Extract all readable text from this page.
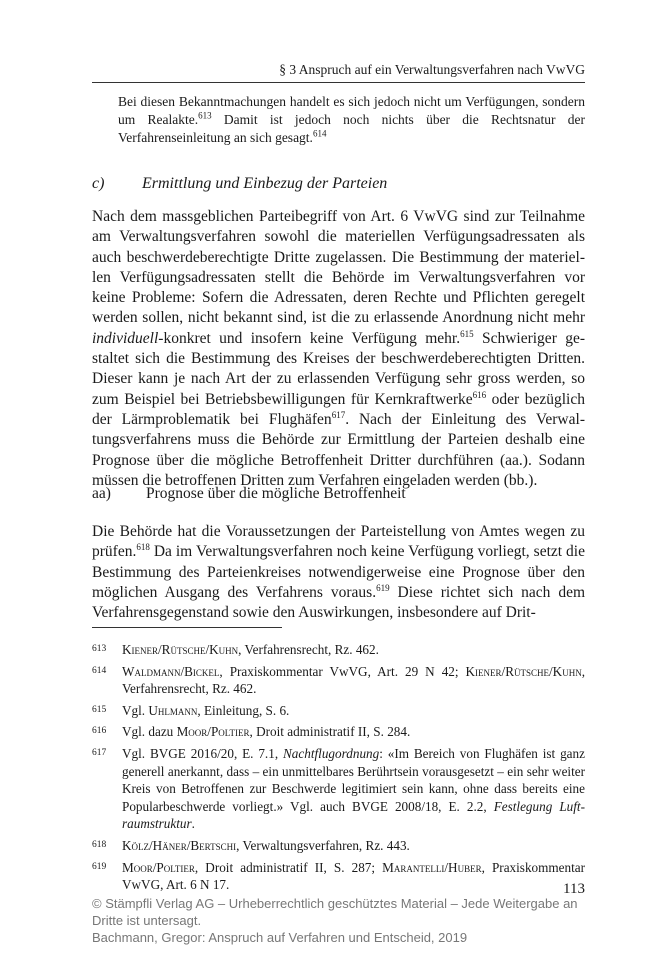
§ 3 Anspruch auf ein Verwaltungsverfahren nach VwVG
Bei diesen Bekanntmachungen handelt es sich jedoch nicht um Verfügungen, sondern um Realakte.$^{613}$ Damit ist jedoch noch nichts über die Rechtsnatur der Verfahrenseinleitung an sich gesagt.$^{614}$
c) Ermittlung und Einbezug der Parteien
Nach dem massgeblichen Parteibegriff von Art. 6 VwVG sind zur Teilnahme am Verwaltungsverfahren sowohl die materiellen Verfügungsadressaten als auch beschwerdeberechtigte Dritte zugelassen. Die Bestimmung der materiellen Verfügungsadressaten stellt die Behörde im Verwaltungsverfahren vor keine Probleme: Sofern die Adressaten, deren Rechte und Pflichten geregelt werden sollen, nicht bekannt sind, ist die zu erlassende Anordnung nicht mehr individuell-konkret und insofern keine Verfügung mehr.$^{615}$ Schwieriger gestaltet sich die Bestimmung des Kreises der beschwerdeberechtigten Dritten. Dieser kann je nach Art der zu erlassenden Verfügung sehr gross werden, so zum Beispiel bei Betriebsbewilligungen für Kernkraftwerke$^{616}$ oder bezüglich der Lärmproblematik bei Flughäfen$^{617}$. Nach der Einleitung des Verwaltungsverfahrens muss die Behörde zur Ermittlung der Parteien deshalb eine Prognose über die mögliche Betroffenheit Dritter durchführen (aa.). Sodann müssen die betroffenen Dritten zum Verfahren eingeladen werden (bb.).
aa) Prognose über die mögliche Betroffenheit
Die Behörde hat die Voraussetzungen der Parteistellung von Amtes wegen zu prüfen.$^{618}$ Da im Verwaltungsverfahren noch keine Verfügung vorliegt, setzt die Bestimmung des Parteienkreises notwendigerweise eine Prognose über den möglichen Ausgang des Verfahrens voraus.$^{619}$ Diese richtet sich nach dem Verfahrensgegenstand sowie den Auswirkungen, insbesondere auf Drit-
613	Kiener/Rütsche/Kuhn, Verfahrensrecht, Rz. 462.
614	Waldmann/Bickel, Praxiskommentar VwVG, Art. 29 N 42; Kiener/Rütsche/Kuhn, Verfahrensrecht, Rz. 462.
615	Vgl. Uhlmann, Einleitung, S. 6.
616	Vgl. dazu Moor/Poltier, Droit administratif II, S. 284.
617	Vgl. BVGE 2016/20, E. 7.1, Nachtflugordnung: «Im Bereich von Flughäfen ist ganz generell anerkannt, dass – ein unmittelbares Berührtsein vorausgesetzt – ein sehr weiter Kreis von Betroffenen zur Beschwerde legitimiert sein kann, ohne dass bereits eine Popularbeschwerde vorliegt.» Vgl. auch BVGE 2008/18, E. 2.2, Festlegung Luftraumstruktur.
618	Kölz/Häner/Bertschi, Verwaltungsverfahren, Rz. 443.
619	Moor/Poltier, Droit administratif II, S. 287; Marantelli/Huber, Praxiskommentar VwVG, Art. 6 N 17.	113
© Stämpfli Verlag AG – Urheberrechtlich geschütztes Material – Jede Weitergabe an Dritte ist untersagt.
Bachmann, Gregor: Anspruch auf Verfahren und Entscheid, 2019
